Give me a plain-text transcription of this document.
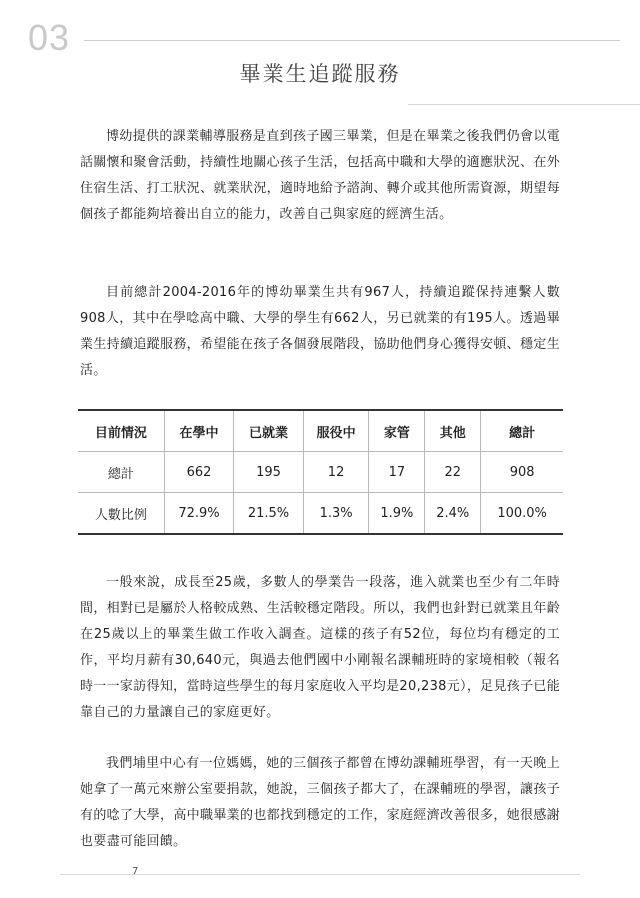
03
畢業生追蹤服務

博幼提供的課業輔導服務是直到孩子國三畢業，但是在畢業之後我們仍會以電話關懷和聚會活動，持續性地關心孩子生活，包括高中職和大學的適應狀況、在外住宿生活、打工狀況、就業狀況，適時地給予諮詢、轉介或其他所需資源，期望每個孩子都能夠培養出自立的能力，改善自己與家庭的經濟生活。

目前總計2004-2016年的博幼畢業生共有967人，持續追蹤保持連繫人數908人，其中在學唸高中職、大學的學生有662人，另已就業的有195人。透過畢業生持續追蹤服務，希望能在孩子各個發展階段，協助他們身心獲得安頓、穩定生活。

目前情況	在學中	已就業	服役中	家管	其他	總計
總計	662	195	12	17	22	908
人數比例	72.9%	21.5%	1.3%	1.9%	2.4%	100.0%

一般來說，成長至25歲，多數人的學業告一段落，進入就業也至少有二年時間，相對已是屬於人格較成熟、生活較穩定階段。所以，我們也針對已就業且年齡在25歲以上的畢業生做工作收入調查。這樣的孩子有52位，每位均有穩定的工作，平均月薪有30,640元，與過去他們國中小剛報名課輔班時的家境相較（報名時一一家訪得知，當時這些學生的每月家庭收入平均是20,238元），足見孩子已能靠自己的力量讓自己的家庭更好。

我們埔里中心有一位媽媽，她的三個孩子都曾在博幼課輔班學習，有一天晚上她拿了一萬元來辦公室要捐款，她說，三個孩子都大了，在課輔班的學習，讓孩子有的唸了大學，高中職畢業的也都找到穩定的工作，家庭經濟改善很多，她很感謝也要盡可能回饋。

7
